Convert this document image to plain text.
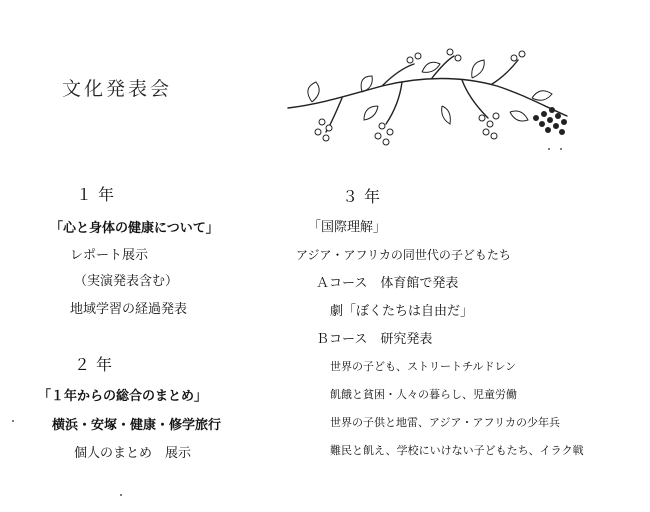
文化発表会
１年
「心と身体の健康について」
レポート展示
（実演発表含む）
地域学習の経過発表
２年
「１年からの総合のまとめ」
横浜・安塚・健康・修学旅行
個人のまとめ　展示
３年
「国際理解」
アジア・アフリカの同世代の子どもたち
Ａコース　体育館で発表
劇「ぼくたちは自由だ」
Ｂコース　研究発表
世界の子ども、ストリートチルドレン
飢餓と貧困・人々の暮らし、児童労働
世界の子供と地雷、アジア・アフリカの少年兵
難民と飢え、学校にいけない子どもたち、イラク戦
